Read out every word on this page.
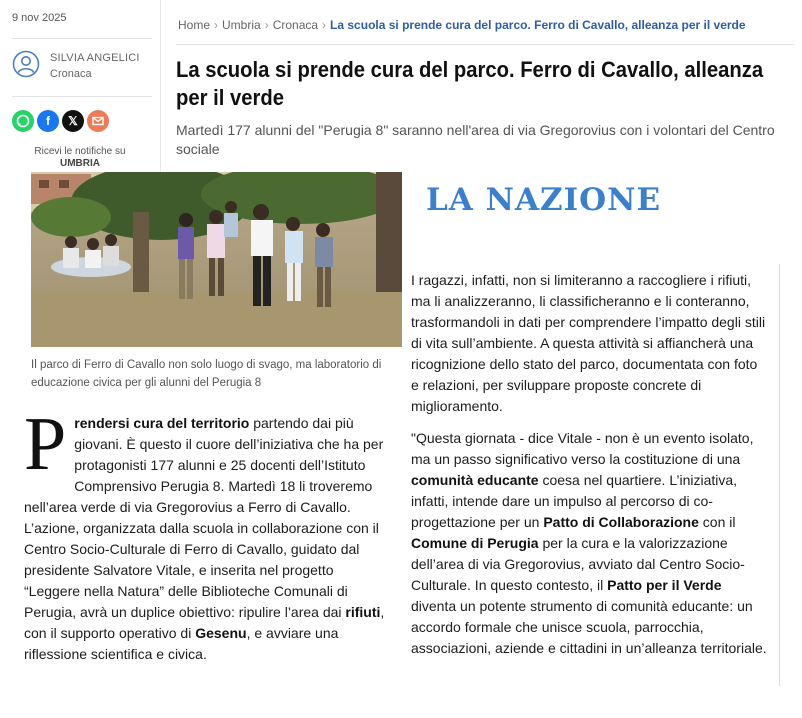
9 nov 2025
SILVIA ANGELICI
Cronaca
f 𝕏
Ricevi le notifiche su
UMBRIA
Home › Umbria › Cronaca › La scuola si prende cura del parco. Ferro di Cavallo, alleanza per il verde
La scuola si prende cura del parco. Ferro di Cavallo, alleanza per il verde
Martedì 177 alunni del "Perugia 8" saranno nell'area di via Gregorovius con i volontari del Centro sociale
Il parco di Ferro di Cavallo non solo luogo di svago, ma laboratorio di educazione civica per gli alunni del Perugia 8
LA NAZIONE

Prendersi cura del territorio partendo dai più giovani. È questo il cuore dell’iniziativa che ha per protagonisti 177 alunni e 25 docenti dell’Istituto Comprensivo Perugia 8. Martedì 18 li troveremo nell’area verde di via Gregorovius a Ferro di Cavallo. L’azione, organizzata dalla scuola in collaborazione con il Centro Socio-Culturale di Ferro di Cavallo, guidato dal presidente Salvatore Vitale, e inserita nel progetto “Leggere nella Natura” delle Biblioteche Comunali di Perugia, avrà un duplice obiettivo: ripulire l’area dai rifiuti, con il supporto operativo di Gesenu, e avviare una riflessione scientifica e civica.

I ragazzi, infatti, non si limiteranno a raccogliere i rifiuti, ma li analizzeranno, li classificheranno e li conteranno, trasformandoli in dati per comprendere l’impatto degli stili di vita sull’ambiente. A questa attività si affiancherà una ricognizione dello stato del parco, documentata con foto e relazioni, per sviluppare proposte concrete di miglioramento.

"Questa giornata - dice Vitale - non è un evento isolato, ma un passo significativo verso la costituzione di una comunità educante coesa nel quartiere. L’iniziativa, infatti, intende dare un impulso al percorso di co-progettazione per un Patto di Collaborazione con il Comune di Perugia per la cura e la valorizzazione dell’area di via Gregorovius, avviato dal Centro Socio-Culturale. In questo contesto, il Patto per il Verde diventa un potente strumento di comunità educante: un accordo formale che unisce scuola, parrocchia, associazioni, aziende e cittadini in un’alleanza territoriale.
